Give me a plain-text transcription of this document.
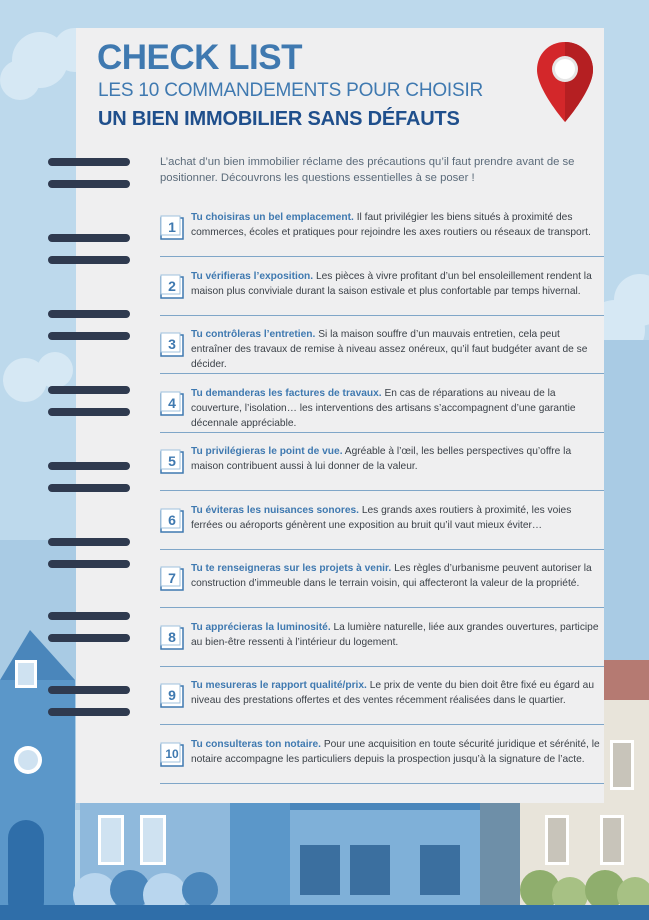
CHECK LIST
LES 10 COMMANDEMENTS POUR CHOISIR
UN BIEN IMMOBILIER SANS DÉFAUTS

L’achat d’un bien immobilier réclame des précautions qu’il faut prendre avant de se positionner. Découvrons les questions essentielles à se poser !

1

Tu choisiras un bel emplacement. Il faut privilégier les biens situés à proximité des commerces, écoles et pratiques pour rejoindre les axes routiers ou réseaux de transport.

2

Tu vérifieras l’exposition. Les pièces à vivre profitant d’un bel ensoleillement rendent la maison plus conviviale durant la saison estivale et plus confortable par temps hivernal.

3

Tu contrôleras l’entretien. Si la maison souffre d’un mauvais entretien, cela peut entraîner des travaux de remise à niveau assez onéreux, qu’il faut budgéter avant de se décider.

4

Tu demanderas les factures de travaux. En cas de réparations au niveau de la couverture, l’isolation… les interventions des artisans s’accompagnent d’une garantie décennale appréciable.

5

Tu privilégieras le point de vue. Agréable à l’œil, les belles perspectives qu’offre la maison contribuent aussi à lui donner de la valeur.

6

Tu éviteras les nuisances sonores. Les grands axes routiers à proximité, les voies ferrées ou aéroports génèrent une exposition au bruit qu’il vaut mieux éviter…

7

Tu te renseigneras sur les projets à venir. Les règles d’urbanisme peuvent autoriser la construction d’immeuble dans le terrain voisin, qui affecteront la valeur de la propriété.

8

Tu apprécieras la luminosité. La lumière naturelle, liée aux grandes ouvertures, participe au bien-être ressenti à l’intérieur du logement.

9

Tu mesureras le rapport qualité/prix. Le prix de vente du bien doit être fixé eu égard au niveau des prestations offertes et des ventes récemment réalisées dans le quartier.

10

Tu consulteras ton notaire. Pour une acquisition en toute sécurité juridique et sérénité, le notaire accompagne les particuliers depuis la prospection jusqu’à la signature de l’acte.
